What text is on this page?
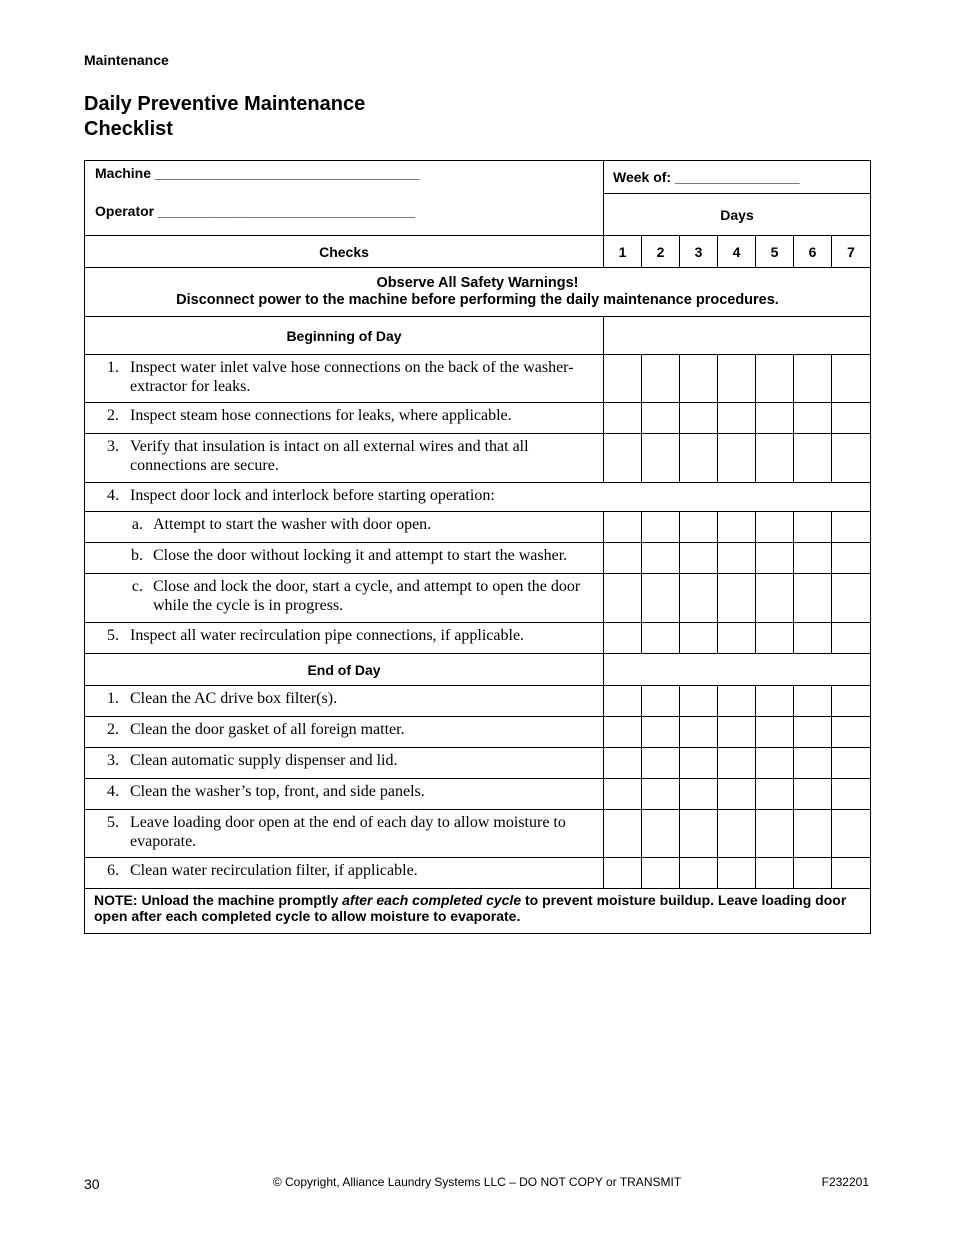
Maintenance
Daily Preventive Maintenance
Checklist
Machine __________________________________
Operator _________________________________	Week of: ________________						
	Days						
Checks	1	2	3	4	5	6	7

Observe All Safety Warnings!
Disconnect power to the machine before performing the daily maintenance procedures.							

Beginning of Day							

1. Inspect water inlet valve hose connections on the back of the washer-extractor for leaks.							

2. Inspect steam hose connections for leaks, where applicable.							

3. Verify that insulation is intact on all external wires and that all connections are secure.							

4. Inspect door lock and interlock before starting operation:							

a. Attempt to start the washer with door open.							

b. Close the door without locking it and attempt to start the washer.							

c. Close and lock the door, start a cycle, and attempt to open the door while the cycle is in progress.							

5. Inspect all water recirculation pipe connections, if applicable.							

End of Day							

1. Clean the AC drive box filter(s).							

2. Clean the door gasket of all foreign matter.							

3. Clean automatic supply dispenser and lid.							

4. Clean the washer’s top, front, and side panels.							

5. Leave loading door open at the end of each day to allow moisture to evaporate.							

6. Clean water recirculation filter, if applicable.							

NOTE: Unload the machine promptly after each completed cycle to prevent moisture buildup. Leave loading door open after each completed cycle to allow moisture to evaporate.							
30	© Copyright, Alliance Laundry Systems LLC – DO NOT COPY or TRANSMIT	F232201
